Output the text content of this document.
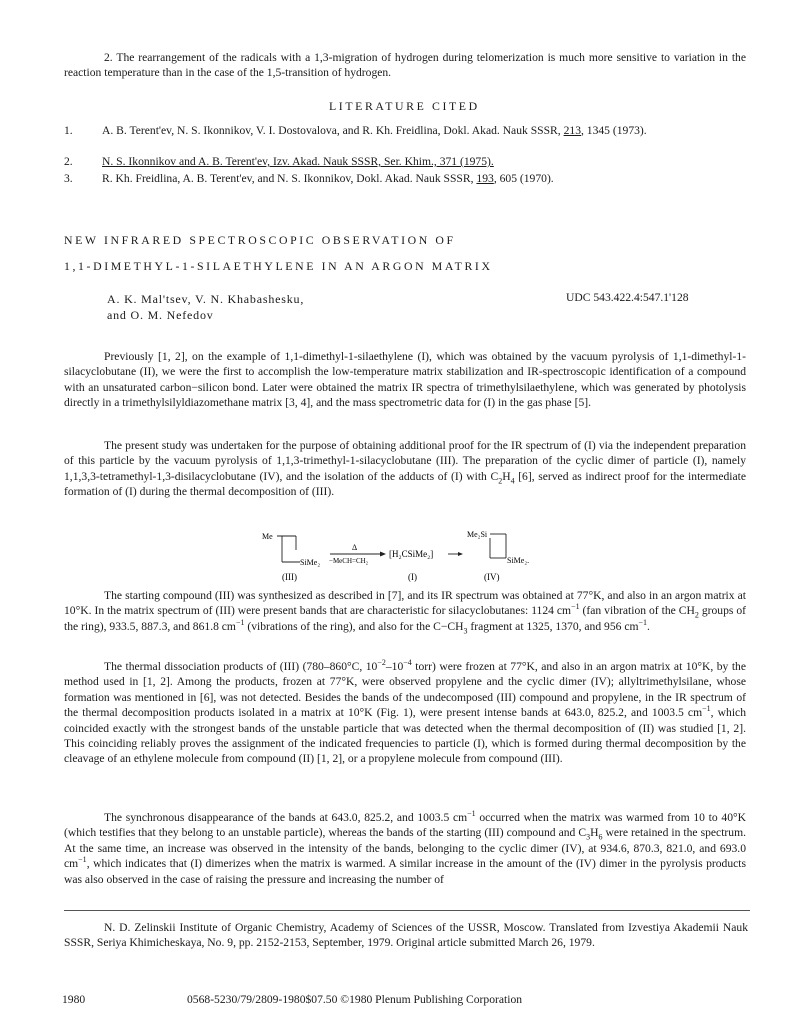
2. The rearrangement of the radicals with a 1,3-migration of hydrogen during telomerization is much more sensitive to variation in the reaction temperature than in the case of the 1,5-transition of hydrogen.
LITERATURE CITED
1.	A. B. Terent'ev, N. S. Ikonnikov, V. I. Dostovalova, and R. Kh. Freidlina, Dokl. Akad. Nauk SSSR, 213, 1345 (1973).
2.	N. S. Ikonnikov and A. B. Terent'ev, Izv. Akad. Nauk SSSR, Ser. Khim., 371 (1975).
3.	R. Kh. Freidlina, A. B. Terent'ev, and N. S. Ikonnikov, Dokl. Akad. Nauk SSSR, 193, 605 (1970).
NEW INFRARED SPECTROSCOPIC OBSERVATION OF
1,1-DIMETHYL-1-SILAETHYLENE IN AN ARGON MATRIX
A. K. Mal'tsev, V. N. Khabashesku,
and O. M. Nefedov
UDC 543.422.4:547.1'128
Previously [1, 2], on the example of 1,1-dimethyl-1-silaethylene (I), which was obtained by the vacuum pyrolysis of 1,1-dimethyl-1-silacyclobutane (II), we were the first to accomplish the low-temperature matrix stabilization and IR-spectroscopic identification of a compound with an unsaturated carbon−silicon bond. Later were obtained the matrix IR spectra of trimethylsilaethylene, which was generated by photolysis directly in a trimethylsilyldiazomethane matrix [3, 4], and the mass spectrometric data for (I) in the gas phase [5].
The present study was undertaken for the purpose of obtaining additional proof for the IR spectrum of (I) via the independent preparation of this particle by the vacuum pyrolysis of 1,1,3-trimethyl-1-silacyclobutane (III). The preparation of the cyclic dimer of particle (I), namely 1,1,3,3-tetramethyl-1,3-disilacyclobutane (IV), and the isolation of the adducts of (I) with $C_2H_4$ [6], served as indirect proof for the intermediate formation of (I) during the thermal decomposition of (III).
Me
SiMe₂
Δ
−MeCH=CH₂
[H₂CSiMe₂]
Me₂Si
SiMe₂.
(III)	(I)	(IV)
The starting compound (III) was synthesized as described in [7], and its IR spectrum was obtained at 77°K, and also in an argon matrix at 10°K. In the matrix spectrum of (III) were present bands that are characteristic for silacyclobutanes: 1124 $cm^{-1}$ (fan vibration of the $CH_2$ groups of the ring), 933.5, 887.3, and 861.8 $cm^{-1}$ (vibrations of the ring), and also for the $C-CH_3$ fragment at 1325, 1370, and 956 $cm^{-1}$.
The thermal dissociation products of (III) (780–860°C, $10^{-2}-10^{-4}$ torr) were frozen at 77°K, and also in an argon matrix at 10°K, by the method used in [1, 2]. Among the products, frozen at 77°K, were observed propylene and the cyclic dimer (IV); allyltrimethylsilane, whose formation was mentioned in [6], was not detected. Besides the bands of the undecomposed (III) compound and propylene, in the IR spectrum of the thermal decomposition products isolated in a matrix at 10°K (Fig. 1), were present intense bands at 643.0, 825.2, and 1003.5 $cm^{-1}$, which coincided exactly with the strongest bands of the unstable particle that was detected when the thermal decomposition of (II) was studied [1, 2]. This coinciding reliably proves the assignment of the indicated frequencies to particle (I), which is formed during thermal decomposition by the cleavage of an ethylene molecule from compound (II) [1, 2], or a propylene molecule from compound (III).
The synchronous disappearance of the bands at 643.0, 825.2, and 1003.5 $cm^{-1}$ occurred when the matrix was warmed from 10 to 40°K (which testifies that they belong to an unstable particle), whereas the bands of the starting (III) compound and $C_3H_6$ were retained in the spectrum. At the same time, an increase was observed in the intensity of the bands, belonging to the cyclic dimer (IV), at 934.6, 870.3, 821.0, and 693.0 $cm^{-1}$, which indicates that (I) dimerizes when the matrix is warmed. A similar increase in the amount of the (IV) dimer in the pyrolysis products was also observed in the case of raising the pressure and increasing the number of
N. D. Zelinskii Institute of Organic Chemistry, Academy of Sciences of the USSR, Moscow. Translated from Izvestiya Akademii Nauk SSSR, Seriya Khimicheskaya, No. 9, pp. 2152-2153, September, 1979. Original article submitted March 26, 1979.
1980	0568-5230/79/2809-1980$07.50 ©1980 Plenum Publishing Corporation
